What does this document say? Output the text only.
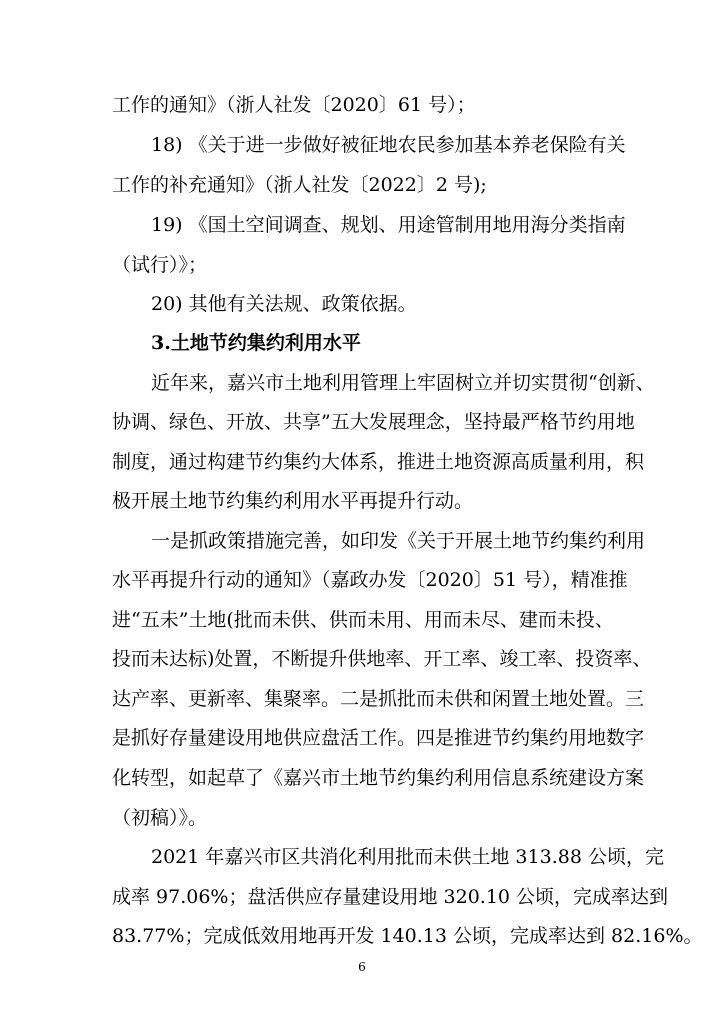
工作的通知》（浙人社发〔2020〕61 号）；
18) 《关于进一步做好被征地农民参加基本养老保险有关
工作的补充通知》（浙人社发〔2022〕2 号);
19) 《国土空间调查、规划、用途管制用地用海分类指南
（试行）》；
20) 其他有关法规、政策依据。
3.土地节约集约利用水平
近年来，嘉兴市土地利用管理上牢固树立并切实贯彻“创新、
协调、绿色、开放、共享”五大发展理念，坚持最严格节约用地
制度，通过构建节约集约大体系，推进土地资源高质量利用，积
极开展土地节约集约利用水平再提升行动。
一是抓政策措施完善，如印发《关于开展土地节约集约利用
水平再提升行动的通知》（嘉政办发〔2020〕51 号），精准推
进“五未”土地(批而未供、供而未用、用而未尽、建而未投、
投而未达标)处置，不断提升供地率、开工率、竣工率、投资率、
达产率、更新率、集聚率。二是抓批而未供和闲置土地处置。三
是抓好存量建设用地供应盘活工作。四是推进节约集约用地数字
化转型，如起草了《嘉兴市土地节约集约利用信息系统建设方案
（初稿）》。
2021 年嘉兴市区共消化利用批而未供土地 313.88 公顷，完
成率 97.06%；盘活供应存量建设用地 320.10 公顷，完成率达到
83.77%；完成低效用地再开发 140.13 公顷，完成率达到 82.16%。
6
